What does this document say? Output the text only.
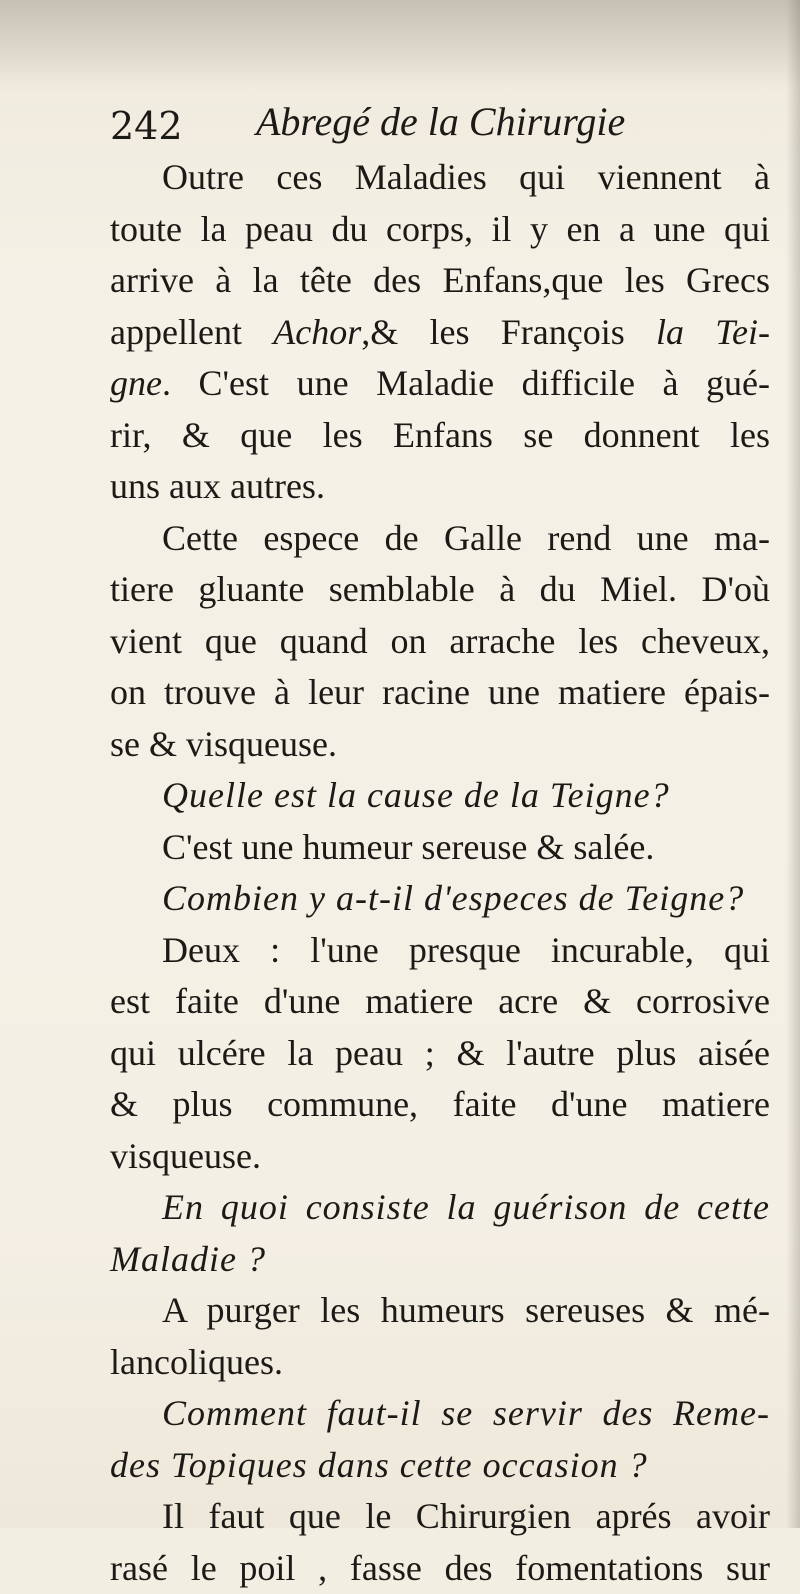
242 Abregé de la Chirurgie
Outre ces Maladies qui viennent à
toute la peau du corps, il y en a une qui
arrive à la tête des Enfans,que les Grecs
appellent Achor,& les François la Tei-
gne. C'est une Maladie difficile à gué-
rir, & que les Enfans se donnent les
uns aux autres.
Cette espece de Galle rend une ma-
tiere gluante semblable à du Miel. D'où
vient que quand on arrache les cheveux,
on trouve à leur racine une matiere épais-
se & visqueuse.
Quelle est la cause de la Teigne?
C'est une humeur sereuse & salée.
Combien y a-t-il d'especes de Teigne?
Deux : l'une presque incurable, qui
est faite d'une matiere acre & corrosive
qui ulcére la peau ; & l'autre plus aisée
& plus commune, faite d'une matiere
visqueuse.
En quoi consiste la guérison de cette
Maladie ?
A purger les humeurs sereuses & mé-
lancoliques.
Comment faut-il se servir des Reme-
des Topiques dans cette occasion ?
Il faut que le Chirurgien aprés avoir
rasé le poil , fasse des fomentations sur
